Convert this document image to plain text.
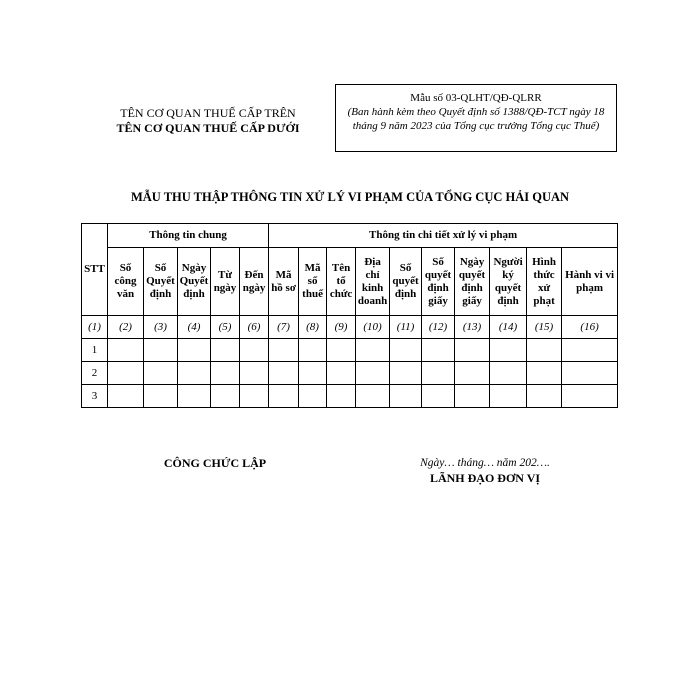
TÊN CƠ QUAN THUẾ CẤP TRÊN
TÊN CƠ QUAN THUẾ CẤP DƯỚI
Mẫu số 03-QLHT/QĐ-QLRR
(Ban hành kèm theo Quyết định số 1388/QĐ-TCT ngày 18 tháng 9 năm 2023 của Tổng cục trưởng Tổng cục Thuế)
MẪU THU THẬP THÔNG TIN XỬ LÝ VI PHẠM CỦA TỔNG CỤC HẢI QUAN
STT	Thông tin chung					Thông tin chi tiết xử lý vi phạm									
	Số công văn	Số Quyết định	Ngày Quyết định	Từ ngày	Đến ngày	Mã hồ sơ	Mã số thuế	Tên tổ chức	Địa chỉ kinh doanh	Số quyết định	Số quyết định giấy	Ngày quyết định giấy	Người ký quyết định	Hình thức xử phạt	Hành vi vi phạm
(1)	(2)	(3)	(4)	(5)	(6)	(7)	(8)	(9)	(10)	(11)	(12)	(13)	(14)	(15)	(16)
1															
2															
3															
CÔNG CHỨC LẬP	Ngày… tháng… năm 202….
LÃNH ĐẠO ĐƠN VỊ
